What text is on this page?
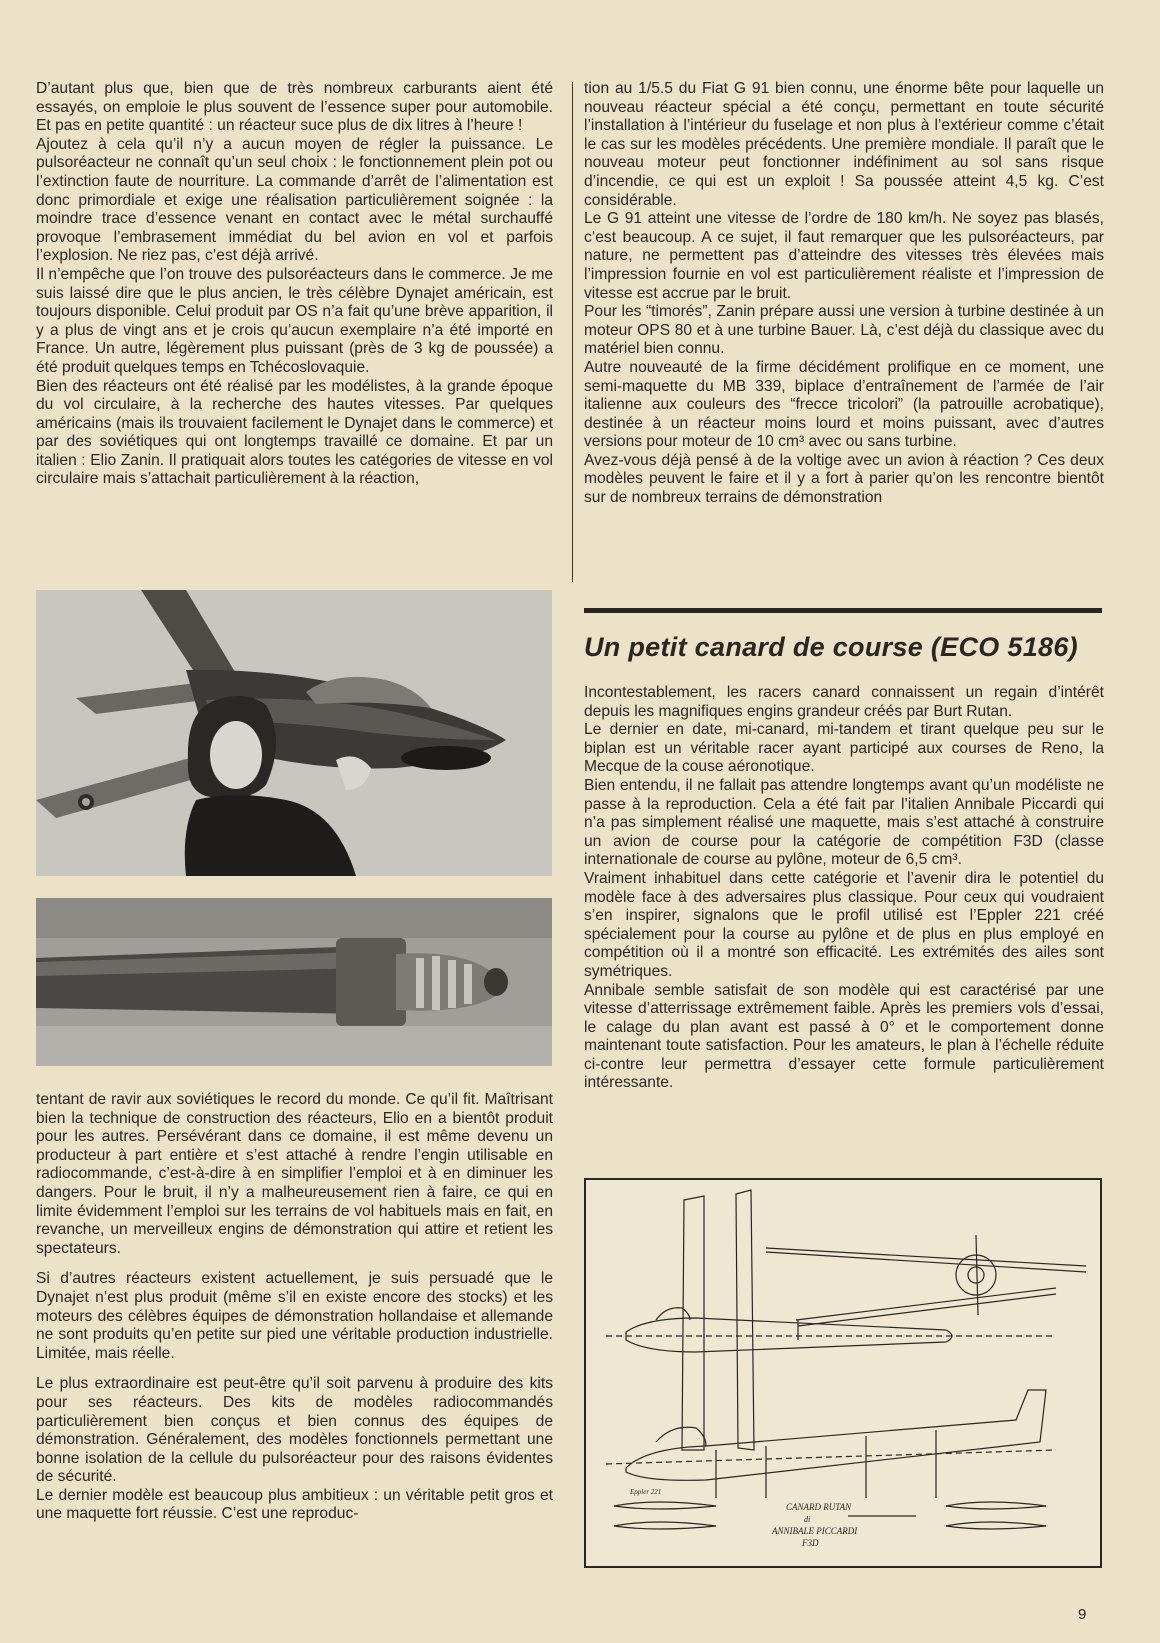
D’autant plus que, bien que de très nombreux carburants aient été essayés, on emploie le plus souvent de l’essence super pour automobile. Et pas en petite quantité : un réacteur suce plus de dix litres à l’heure !

Ajoutez à cela qu’il n’y a aucun moyen de régler la puissance. Le pulsoréacteur ne connaît qu’un seul choix : le fonctionnement plein pot ou l’extinction faute de nourriture. La commande d’arrêt de l’alimentation est donc primordiale et exige une réalisation particulièrement soignée : la moindre trace d’essence venant en contact avec le métal surchauffé provoque l’embrasement immédiat du bel avion en vol et parfois l’explosion. Ne riez pas, c’est déjà arrivé.

Il n’empêche que l’on trouve des pulsoréacteurs dans le commerce. Je me suis laissé dire que le plus ancien, le très célèbre Dynajet américain, est toujours disponible. Celui produit par OS n’a fait qu’une brève apparition, il y a plus de vingt ans et je crois qu’aucun exemplaire n’a été importé en France. Un autre, légèrement plus puissant (près de 3 kg de poussée) a été produit quelques temps en Tchécoslovaquie.

Bien des réacteurs ont été réalisé par les modélistes, à la grande époque du vol circulaire, à la recherche des hautes vitesses. Par quelques américains (mais ils trouvaient facilement le Dynajet dans le commerce) et par des soviétiques qui ont longtemps travaillé ce domaine. Et par un italien : Elio Zanin. Il pratiquait alors toutes les catégories de vitesse en vol circulaire mais s’attachait particulièrement à la réaction,

tentant de ravir aux soviétiques le record du monde. Ce qu’il fit. Maîtrisant bien la technique de construction des réacteurs, Elio en a bientôt produit pour les autres. Persévérant dans ce domaine, il est même devenu un producteur à part entière et s’est attaché à rendre l’engin utilisable en radiocommande, c’est-à-dire à en simplifier l’emploi et à en diminuer les dangers. Pour le bruit, il n’y a malheureusement rien à faire, ce qui en limite évidemment l’emploi sur les terrains de vol habituels mais en fait, en revanche, un merveilleux engins de démonstration qui attire et retient les spectateurs.

Si d’autres réacteurs existent actuellement, je suis persuadé que le Dynajet n’est plus produit (même s’il en existe encore des stocks) et les moteurs des célèbres équipes de démonstration hollandaise et allemande ne sont produits qu’en petite sur pied une véritable production industrielle. Limitée, mais réelle.

Le plus extraordinaire est peut-être qu’il soit parvenu à produire des kits pour ses réacteurs. Des kits de modèles radiocommandés particulièrement bien conçus et bien connus des équipes de démonstration. Généralement, des modèles fonctionnels permettant une bonne isolation de la cellule du pulsoréacteur pour des raisons évidentes de sécurité.

Le dernier modèle est beaucoup plus ambitieux : un véritable petit gros et une maquette fort réussie. C’est une reproduc-

tion au 1/5.5 du Fiat G 91 bien connu, une énorme bête pour laquelle un nouveau réacteur spécial a été conçu, permettant en toute sécurité l’installation à l’intérieur du fuselage et non plus à l’extérieur comme c’était le cas sur les modèles précédents. Une première mondiale. Il paraît que le nouveau moteur peut fonctionner indéfiniment au sol sans risque d’incendie, ce qui est un exploit ! Sa poussée atteint 4,5 kg. C’est considérable.

Le G 91 atteint une vitesse de l’ordre de 180 km/h. Ne soyez pas blasés, c’est beaucoup. A ce sujet, il faut remarquer que les pulsoréacteurs, par nature, ne permettent pas d’atteindre des vitesses très élevées mais l’impression fournie en vol est particulièrement réaliste et l’impression de vitesse est accrue par le bruit.

Pour les “timorés”, Zanin prépare aussi une version à turbine destinée à un moteur OPS 80 et à une turbine Bauer. Là, c’est déjà du classique avec du matériel bien connu.

Autre nouveauté de la firme décidément prolifique en ce moment, une semi-maquette du MB 339, biplace d’entraînement de l’armée de l’air italienne aux couleurs des “frecce tricolori” (la patrouille acrobatique), destinée à un réacteur moins lourd et moins puissant, avec d’autres versions pour moteur de 10 cm³ avec ou sans turbine.

Avez-vous déjà pensé à de la voltige avec un avion à réaction ? Ces deux modèles peuvent le faire et il y a fort à parier qu’on les rencontre bientôt sur de nombreux terrains de démonstration

Un petit canard de course (ECO 5186)

Incontestablement, les racers canard connaissent un regain d’intérêt depuis les magnifiques engins grandeur créés par Burt Rutan.

Le dernier en date, mi-canard, mi-tandem et tirant quelque peu sur le biplan est un véritable racer ayant participé aux courses de Reno, la Mecque de la couse aéronotique.

Bien entendu, il ne fallait pas attendre longtemps avant qu’un modéliste ne passe à la reproduction. Cela a été fait par l’italien Annibale Piccardi qui n’a pas simplement réalisé une maquette, mais s’est attaché à construire un avion de course pour la catégorie de compétition F3D (classe internationale de course au pylône, moteur de 6,5 cm³.

Vraiment inhabituel dans cette catégorie et l’avenir dira le potentiel du modèle face à des adversaires plus classique. Pour ceux qui voudraient s’en inspirer, signalons que le profil utilisé est l’Eppler 221 créé spécialement pour la course au pylône et de plus en plus employé en compétition où il a montré son efficacité. Les extrémités des ailes sont symétriques.

Annibale semble satisfait de son modèle qui est caractérisé par une vitesse d’atterrissage extrêmement faible. Après les premiers vols d’essai, le calage du plan avant est passé à 0° et le comportement donne maintenant toute satisfaction. Pour les amateurs, le plan à l’échelle réduite ci-contre leur permettra d’essayer cette formule particulièrement intéressante.

Eppler 221
CANARD RUTAN
di
ANNIBALE PICCARDI
F3D
9
